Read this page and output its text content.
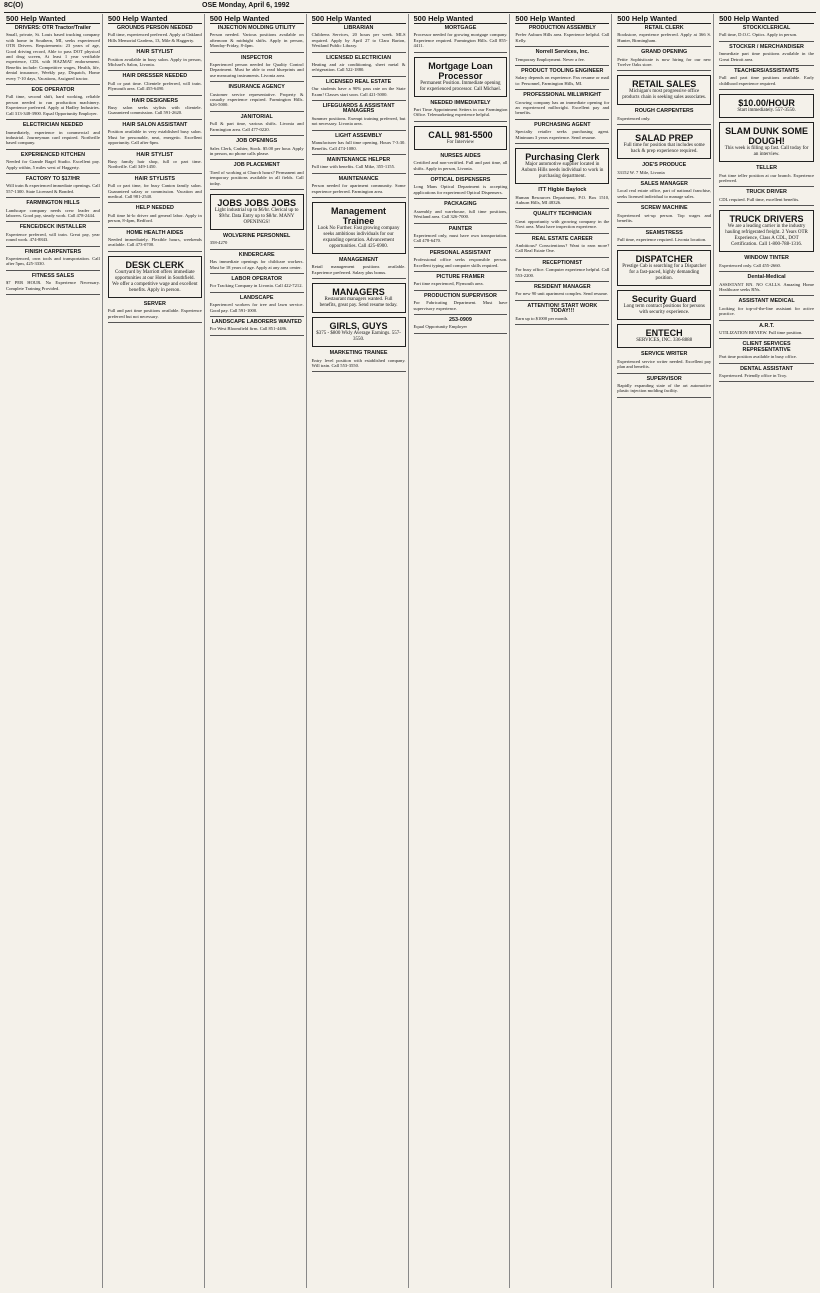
8C(O)	OSE Monday, April 6, 1992
500 Help Wanted
DRIVERS: OTR Tractor/Trailer
Small, private, St. Louis based trucking company with home in Southern, MI, seeks experienced OTR Drivers. Requirements: 23 years of age, Good driving record, Able to pass DOT physical and drug screen, At least 1 year verifiable experience, CDL with HAZMAT endorsement. Benefits include: Competitive wages, Health, life, dental insurance, Weekly pay, Dispatch, Home every 7-10 days, Vacations, Assigned tractor.
EOE OPERATOR
Full time, second shift, hard working, reliable person needed to run production machinery. Experience preferred. Apply at Hadley Industries. Call 313-348-3900. Equal Opportunity Employer.
ELECTRICIAN NEEDED
Immediately, experience in commercial and industrial. Journeyman card required. Northville based company.
EXPERIENCED KITCHEN
Needed for Grande Bagel Studio. Excellent pay. Apply within, 5 miles west of Haggerty.
FACTORY TO $17/HR
Will train & experienced immediate openings. Call 557-1300. State Licensed & Bonded.
FARMINGTON HILLS
Landscape company needs crew leader and laborers. Good pay, steady work. Call 478-2444.
FENCE/DECK INSTALLER
Experience preferred, will train. Great pay, year round work. 474-8843.
FINISH CARPENTERS
Experienced, own tools and transportation. Call after 5pm, 425-3330.
FITNESS SALES
$7 PER HOUR. No Experience Necessary. Complete Training Provided.
500 Help Wanted
GROUNDS PERSON NEEDED
Full time, experienced preferred. Apply at Oakland Hills Memorial Gardens, 13, Mile & Haggerty.
HAIR STYLIST
Position available in busy salon. Apply in person, Michael's Salon, Livonia.
HAIR DRESSER NEEDED
Full or part time. Clientele preferred, will train. Plymouth area. Call 455-6490.
HAIR DESIGNERS
Busy salon seeks stylists with clientele. Guaranteed commission. Call 591-2620.
HAIR SALON ASSISTANT
Position available in very established busy salon. Must be personable, neat, energetic. Excellent opportunity. Call after 6pm.
HAIR STYLIST
Busy family hair shop, full or part time. Northville. Call 349-1450.
HAIR STYLISTS
Full or part time, for busy Canton family salon. Guaranteed salary or commission. Vacation and medical. Call 981-2540.
HELP NEEDED
Full time hi-lo driver and general labor. Apply in person, 8-4pm, Redford.
HOME HEALTH AIDES
Needed immediately. Flexible hours, weekends available. Call 473-0700.
DESK CLERK
Courtyard by Marriott offers immediate opportunities at our Hotel in Southfield. We offer a competitive wage and excellent benefits. Apply in person.
SERVER
Full and part time positions available. Experience preferred but not necessary.
500 Help Wanted
INJECTION MOLDING UTILITY
Person needed. Various positions available on afternoon & midnight shifts. Apply in person, Monday-Friday, 8-4pm.
INSPECTOR
Experienced person needed for Quality Control Department. Must be able to read blueprints and use measuring instruments. Livonia area.
INSURANCE AGENCY
Customer service representative. Property & casualty experience required. Farmington Hills. 626-5000.
JANITORIAL
Full & part time, various shifts. Livonia and Farmington area. Call 477-0220.
JOB OPENINGS
Sales Clerk, Cashier, Stock. $5.00 per hour. Apply in person, no phone calls please.
JOB PLACEMENT
Tired of working at Church hours? Permanent and temporary positions available in all fields. Call today.
JOBS JOBS JOBS
Light industrial up to $6/hr. Clerical up to $9/hr. Data Entry up to $8/hr. MANY OPENINGS!
WOLVERINE PERSONNEL
358-4270
KINDERCARE
Has immediate openings for childcare workers. Must be 18 years of age. Apply at any area center.
LABOR OPERATOR
For Tracking Company in Livonia. Call 422-7212.
LANDSCAPE
Experienced workers for tree and lawn service. Good pay. Call 591-1000.
LANDSCAPE LABORERS WANTED
For West Bloomfield firm. Call 851-4486.
500 Help Wanted
LIBRARIAN
Childrens Services, 20 hours per week. MLS required. Apply by April 27 to Clara Barton, Westland Public Library.
LICENSED ELECTRICIAN
Heating and air conditioning, sheet metal & refrigeration. Call 522-1880.
LICENSED REAL ESTATE
Our students have a 90% pass rate on the State Exam! Classes start soon. Call 421-5000.
LIFEGUARDS & ASSISTANT MANAGERS
Summer positions. Exempt training preferred, but not necessary. Livonia area.
LIGHT ASSEMBLY
Manufacturer has full time opening. Hours 7-3:30. Benefits. Call 474-1080.
MAINTENANCE HELPER
Full time with benefits. Call Mike, 355-1155.
MAINTENANCE
Person needed for apartment community. Some experience preferred. Farmington area.
Management Trainee
Look No Further. Fast growing company seeks ambitious individuals for our expanding operation. Advancement opportunities. Call 425-6900.
MANAGEMENT
Retail management positions available. Experience preferred. Salary plus bonus.
MANAGERS
Restaurant managers wanted. Full benefits, great pay. Send resume today.
GIRLS, GUYS
$375 - $800 Wkly Average Earnings. 557-3550.
MARKETING TRAINEE
Entry level position with established company. Will train. Call 553-3550.
500 Help Wanted
MORTGAGE
Processor needed for growing mortgage company. Experience required. Farmington Hills. Call 855-4411.
Mortgage Loan Processor
Permanent Position. Immediate opening for experienced processor. Call Michael.
NEEDED IMMEDIATELY
Part Time Appointment Setters in our Farmington Office. Telemarketing experience helpful.
CALL 981-5500
For Interview
NURSES AIDES
Certified and non-certified. Full and part time, all shifts. Apply in person, Livonia.
OPTICAL DISPENSERS
Long Mans Optical Department is accepting applications for experienced Optical Dispensers.
PACKAGING
Assembly and warehouse, full time positions, Westland area. Call 326-7000.
PAINTER
Experienced only, must have own transportation. Call 478-6470.
PERSONAL ASSISTANT
Professional office seeks responsible person. Excellent typing and computer skills required.
PICTURE FRAMER
Part time experienced, Plymouth area.
PRODUCTION SUPERVISOR
For Fabricating Department. Must have supervisory experience.
253-0909
Equal Opportunity Employer
500 Help Wanted
PRODUCTION ASSEMBLY
Prefer Auburn Hills area. Experience helpful. Call Kelly.
Norrell Services, Inc.
Temporary Employment. Never a fee.
PRODUCT TOOLING ENGINEER
Salary depends on experience. Fax resume or mail to: Personnel, Farmington Hills, MI.
PROFESSIONAL MILLWRIGHT
Growing company has an immediate opening for an experienced millwright. Excellent pay and benefits.
PURCHASING AGENT
Specialty retailer seeks purchasing agent. Minimum 3 years experience. Send resume.
Purchasing Clerk
Major automotive supplier located in Auburn Hills needs individual to work in purchasing department.
ITT Higbie Baylock
Human Resources Department, P.O. Box 1510, Auburn Hills, MI 48326.
QUALITY TECHNICIAN
Great opportunity with growing company in the Novi area. Must have inspection experience.
REAL ESTATE CAREER
Ambitious? Conscientious? Want to earn more? Call Real Estate One.
RECEPTIONIST
For busy office. Computer experience helpful. Call 553-2200.
RESIDENT MANAGER
For new 90 unit apartment complex. Send resume.
ATTENTION! START WORK TODAY!!!
Earn up to $1000 per month.
500 Help Wanted
RETAIL CLERK
Bookstore, experience preferred. Apply at 366 S. Hunter, Birmingham.
GRAND OPENING
Petite Sophisticate is now hiring for our new Twelve Oaks store.
RETAIL SALES
Michigan's most progressive office products chain is seeking sales associates.
ROUGH CARPENTERS
Experienced only.
SALAD PREP
Full time for position that includes some back & prep experience required.
JOE'S PRODUCE
33152 W. 7 Mile, Livonia
SALES MANAGER
Local real estate office, part of national franchise, seeks licensed individual to manage sales.
SCREW MACHINE
Experienced set-up person. Top wages and benefits.
SEAMSTRESS
Full time, experience required. Livonia location.
DISPATCHER
Prestige Cab is searching for a Dispatcher for a fast-paced, highly demanding position.
Security Guard
Long term contract positions for persons with security experience.
ENTECH
SERVICES, INC. 336-8888
SERVICE WRITER
Experienced service writer needed. Excellent pay plan and benefits.
SUPERVISOR
Rapidly expanding state of the art automotive plastic injection molding facility.
500 Help Wanted
STOCK/CLERICAL
Full time, D.O.C. Optics. Apply in person.
STOCKER / MERCHANDISER
Immediate part time positions available in the Great Detroit area.
TEACHERS/ASSISTANTS
Full and part time positions available. Early childhood experience required.
$10.00/HOUR
Start immediately. 557-3550.
SLAM DUNK SOME DOUGH!
This week is filling up fast. Call today for an interview.
TELLER
Part time teller position at our branch. Experience preferred.
TRUCK DRIVER
CDL required. Full time, excellent benefits.
TRUCK DRIVERS
We are a leading carrier in the industry hauling refrigerated freight. 2 Years OTR Experience, Class A CDL, DOT Certification. Call 1-800-788-1316.
WINDOW TINTER
Experienced only. Call 455-2660.
Dental-Medical
ASSISTANT RN. NO CALLS. Amazing Home Healthcare seeks RNs.
ASSISTANT MEDICAL
Looking for top-of-the-line assistant for active practice.
A.R.T.
UTILIZATION REVIEW. Full time position.
CLIENT SERVICES REPRESENTATIVE
Part time position available in busy office.
DENTAL ASSISTANT
Experienced. Friendly office in Troy.
